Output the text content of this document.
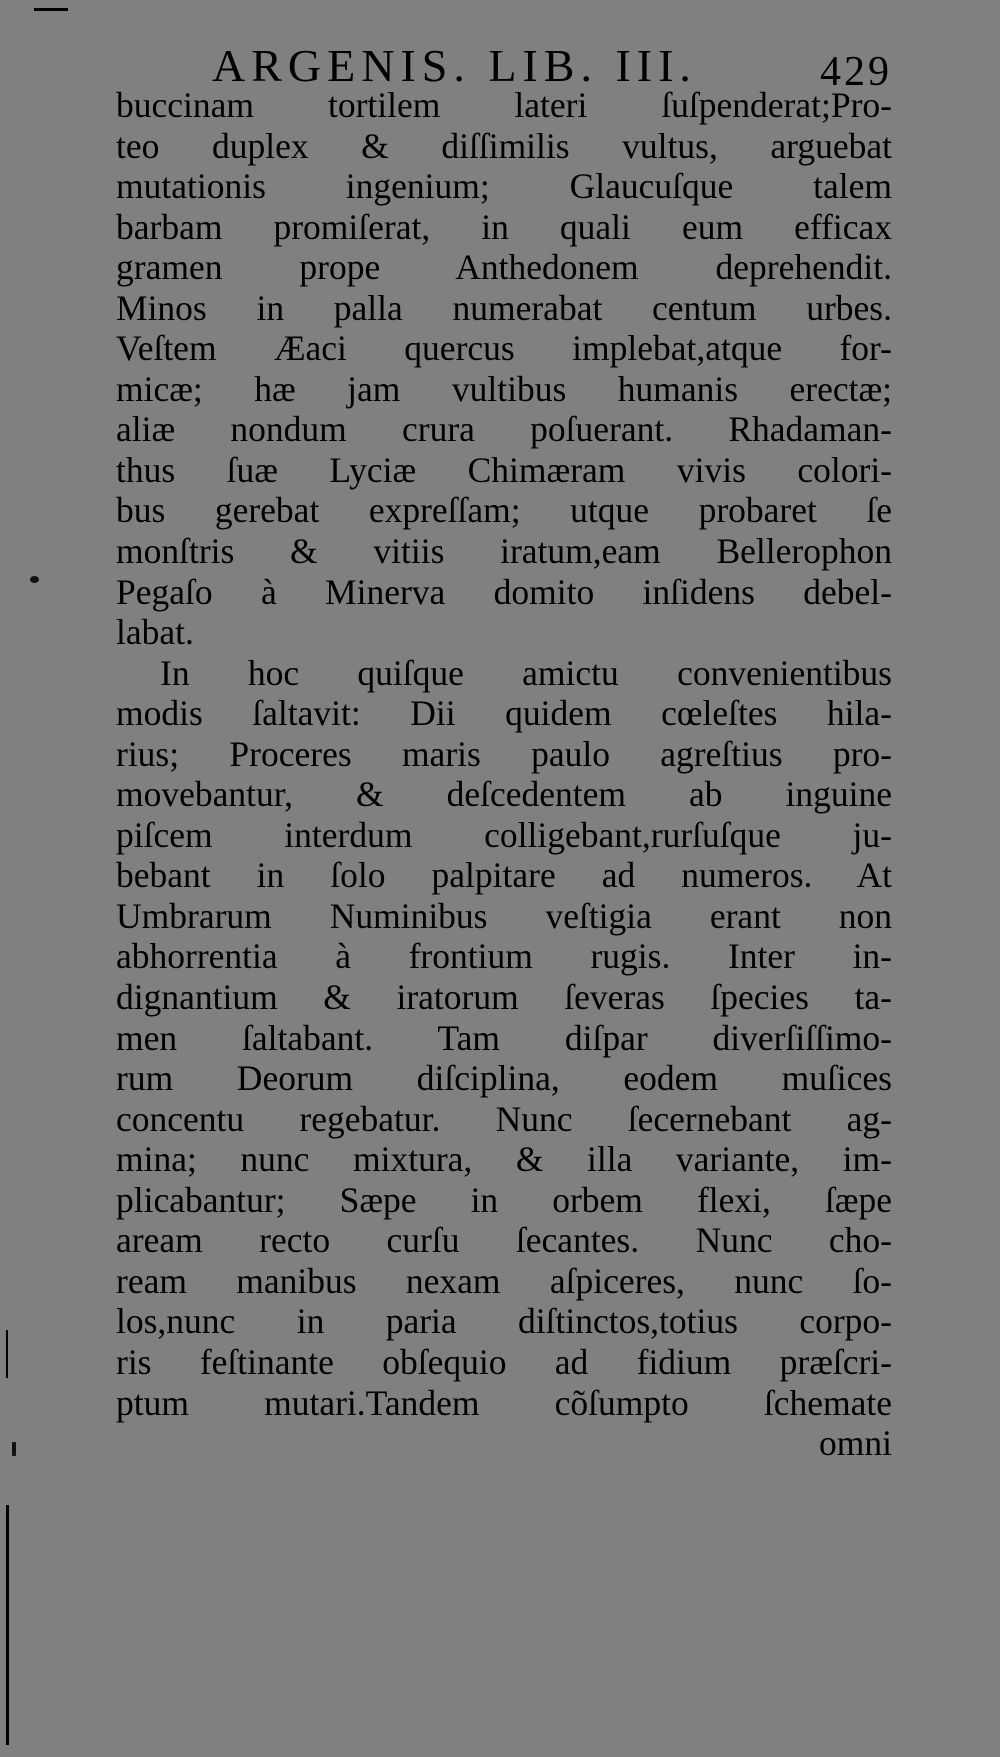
ARGENIS. LIB. III.	429
buccinam tortilem lateri ſuſpenderat;Pro-
teo duplex & diſſimilis vultus, arguebat
mutationis ingenium; Glaucuſque talem
barbam promiſerat, in quali eum efficax
gramen prope Anthedonem deprehendit.
Minos in palla numerabat centum urbes.
Veſtem Æaci quercus implebat,atque for-
micæ; hæ jam vultibus humanis erectæ;
aliæ nondum crura poſuerant. Rhadaman-
thus ſuæ Lyciæ Chimæram vivis colori-
bus gerebat expreſſam; utque probaret ſe
monſtris & vitiis iratum,eam Bellerophon
Pegaſo à Minerva domito inſidens debel-
labat.
In hoc quiſque amictu convenientibus
modis ſaltavit: Dii quidem cœleſtes hila-
rius; Proceres maris paulo agreſtius pro-
movebantur, & deſcedentem ab inguine
piſcem interdum colligebant,rurſuſque ju-
bebant in ſolo palpitare ad numeros. At
Umbrarum Numinibus veſtigia erant non
abhorrentia à frontium rugis. Inter in-
dignantium & iratorum ſeveras ſpecies ta-
men ſaltabant. Tam diſpar diverſiſſimo-
rum Deorum diſciplina, eodem muſices
concentu regebatur. Nunc ſecernebant ag-
mina; nunc mixtura, & illa variante, im-
plicabantur; Sæpe in orbem flexi, ſæpe
aream recto curſu ſecantes. Nunc cho-
ream manibus nexam aſpiceres, nunc ſo-
los,nunc in paria diſtinctos,totius corpo-
ris feſtinante obſequio ad fidium præſcri-
ptum mutari.Tandem cõſumpto ſchemate
omni
